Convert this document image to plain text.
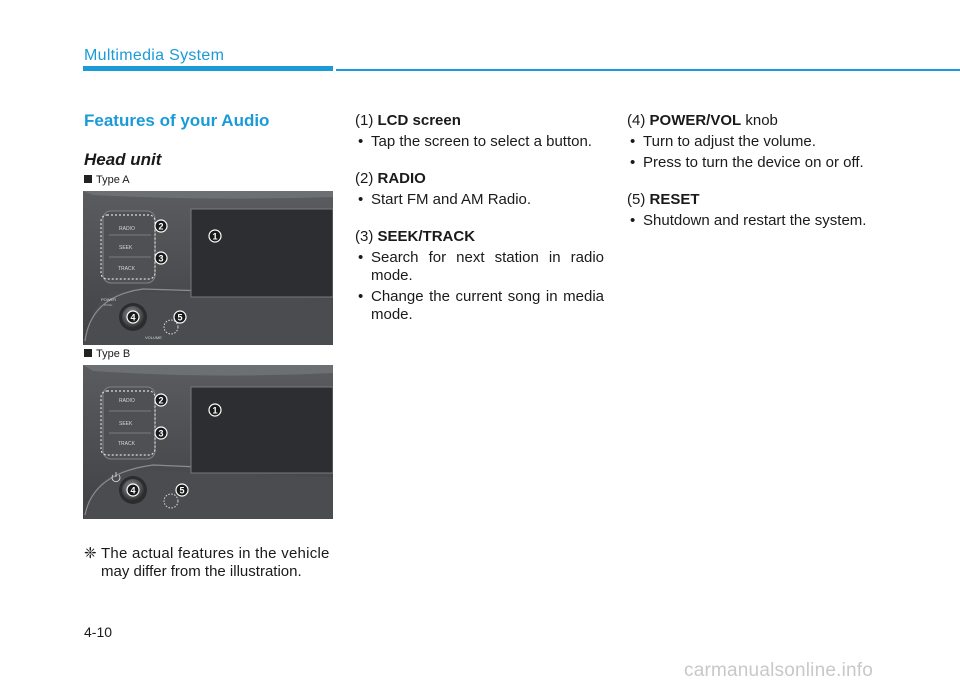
Multimedia System
Features of your Audio
Head unit
Type A
RADIO
SEEK
TRACK
POWER
PUSH
VOLUME
1
2
3
4	5
Type B
RADIO
SEEK
TRACK
1
2
3
4	5
❈ The actual features in the vehicle
may differ from the illustration.
(1) LCD screen
• Tap the screen to select a button.
(2) RADIO
• Start FM and AM Radio.
(3) SEEK/TRACK
• Search for next station in radio mode.
• Change the current song in media mode.
(4) POWER/VOL knob
• Turn to adjust the volume.
• Press to turn the device on or off.
(5) RESET
• Shutdown and restart the system.
4-10
carmanualsonline.info
